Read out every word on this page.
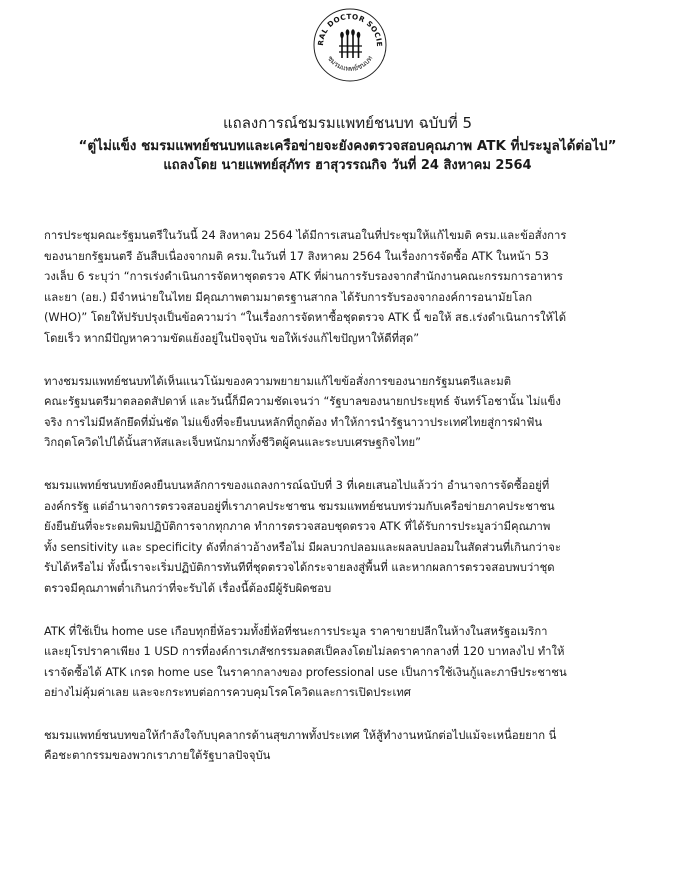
RAL DOCTOR SOCIE
ชมรมแพทย์ชนบท
แถลงการณ์ชมรมแพทย์ชนบท ฉบับที่ 5
“ตู่ไม่แข็ง ชมรมแพทย์ชนบทและเครือข่ายจะยังคงตรวจสอบคุณภาพ ATK ที่ประมูลได้ต่อไป”
แถลงโดย นายแพทย์สุภัทร ฮาสุวรรณกิจ วันที่ 24 สิงหาคม 2564
การประชุมคณะรัฐมนตรีในวันนี้ 24 สิงหาคม 2564 ได้มีการเสนอในที่ประชุมให้แก้ไขมติ ครม.และข้อสั่งการ
ของนายกรัฐมนตรี อันสืบเนื่องจากมติ ครม.ในวันที่ 17 สิงหาคม 2564 ในเรื่องการจัดซื้อ ATK ในหน้า 53
วงเล็บ 6 ระบุว่า “การเร่งดำเนินการจัดหาชุดตรวจ ATK ที่ผ่านการรับรองจากสำนักงานคณะกรรมการอาหาร
และยา (อย.) มีจำหน่ายในไทย มีคุณภาพตามมาตรฐานสากล ได้รับการรับรองจากองค์การอนามัยโลก
(WHO)” โดยให้ปรับปรุงเป็นข้อความว่า “ในเรื่องการจัดหาซื้อชุดตรวจ ATK นี้ ขอให้ สธ.เร่งดำเนินการให้ได้
โดยเร็ว หากมีปัญหาความขัดแย้งอยู่ในปัจจุบัน ขอให้เร่งแก้ไขปัญหาให้ดีที่สุด”
ทางชมรมแพทย์ชนบทได้เห็นแนวโน้มของความพยายามแก้ไขข้อสั่งการของนายกรัฐมนตรีและมติ
คณะรัฐมนตรีมาตลอดสัปดาห์ และวันนี้ก็มีความชัดเจนว่า “รัฐบาลของนายกประยุทธ์ จันทร์โอชานั้น ไม่แข็ง
จริง การไม่มีหลักยึดที่มั่นชัด ไม่แข็งที่จะยืนบนหลักที่ถูกต้อง ทำให้การนำรัฐนาวาประเทศไทยสู่การฝ่าฟัน
วิกฤตโควิดไปได้นั้นสาหัสและเจ็บหนักมากทั้งชีวิตผู้คนและระบบเศรษฐกิจไทย”
ชมรมแพทย์ชนบทยังคงยืนบนหลักการของแถลงการณ์ฉบับที่ 3 ที่เคยเสนอไปแล้วว่า อำนาจการจัดซื้ออยู่ที่
องค์กรรัฐ แต่อำนาจการตรวจสอบอยู่ที่เราภาคประชาชน ชมรมแพทย์ชนบทร่วมกับเครือข่ายภาคประชาชน
ยังยืนยันที่จะระดมพิมปฏิบัติการจากทุกภาค ทำการตรวจสอบชุดตรวจ ATK ที่ได้รับการประมูลว่ามีคุณภาพ
ทั้ง sensitivity และ specificity ดังที่กล่าวอ้างหรือไม่ มีผลบวกปลอมและผลลบปลอมในสัดส่วนที่เกินกว่าจะ
รับได้หรือไม่ ทั้งนี้เราจะเริ่มปฏิบัติการทันทีที่ชุดตรวจได้กระจายลงสู่พื้นที่ และหากผลการตรวจสอบพบว่าชุด
ตรวจมีคุณภาพต่ำเกินกว่าที่จะรับได้ เรื่องนี้ต้องมีผู้รับผิดชอบ
ATK ที่ใช้เป็น home use เกือบทุกยี่ห้อรวมทั้งยี่ห้อที่ชนะการประมูล ราคาขายปลีกในห้างในสหรัฐอเมริกา
และยุโรปราคาเพียง 1 USD การที่องค์การเภสัชกรรมลดสเป็คลงโดยไม่ลดราคากลางที่ 120 บาทลงไป ทำให้
เราจัดซื้อได้ ATK เกรด home use ในราคากลางของ professional use เป็นการใช้เงินกู้และภาษีประชาชน
อย่างไม่คุ้มค่าเลย และจะกระทบต่อการควบคุมโรคโควิดและการเปิดประเทศ
ชมรมแพทย์ชนบทขอให้กำลังใจกับบุคลากรด้านสุขภาพทั้งประเทศ ให้สู้ทำงานหนักต่อไปแม้จะเหนื่อยยาก นี่
คือชะตากรรมของพวกเราภายใต้รัฐบาลปัจจุบัน
